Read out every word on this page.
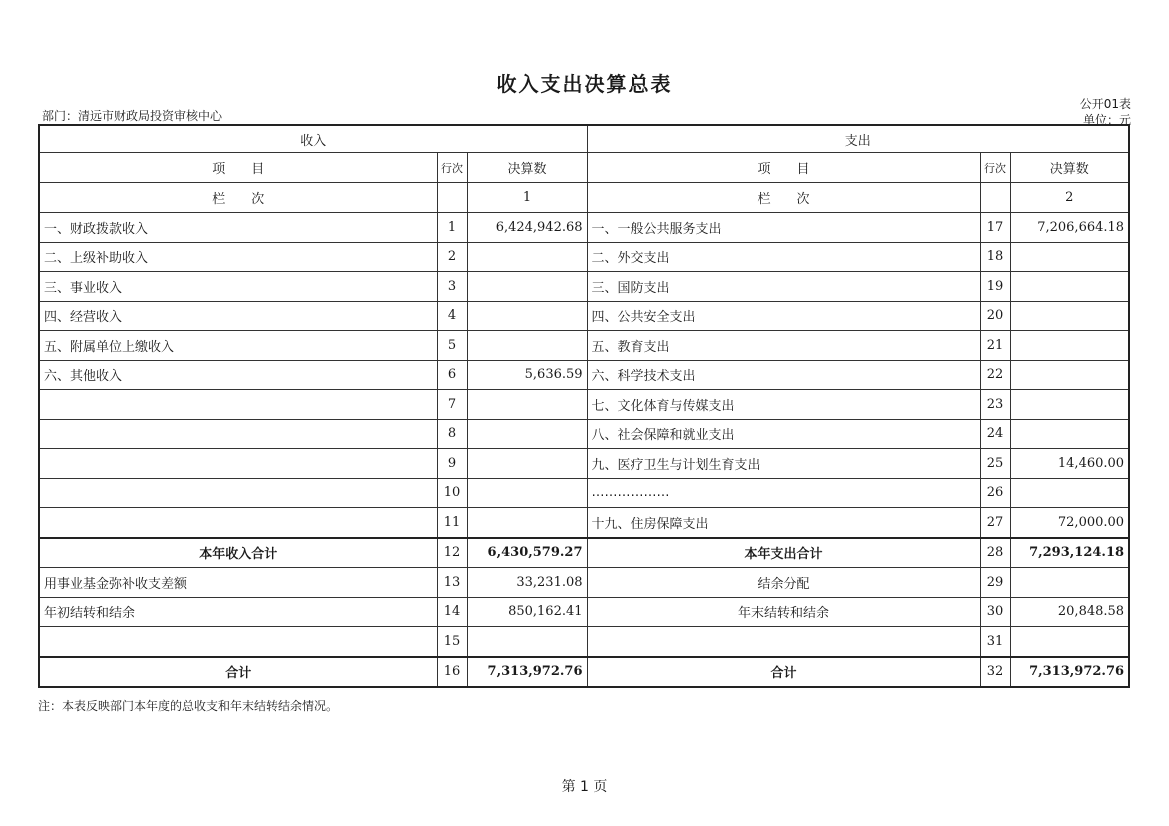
收入支出决算总表
部门：清远市财政局投资审核中心
公开01表
单位：元
收入			支出		
项　　目	行次	决算数	项　　目	行次	决算数
栏　　次		1	栏　　次		2
一、财政拨款收入	1	6,424,942.68	一、一般公共服务支出	17	7,206,664.18
二、上级补助收入	2		二、外交支出	18	
三、事业收入	3		三、国防支出	19	
四、经营收入	4		四、公共安全支出	20	
五、附属单位上缴收入	5		五、教育支出	21	
六、其他收入	6	5,636.59	六、科学技术支出	22	
	7		七、文化体育与传媒支出	23	
	8		八、社会保障和就业支出	24	
	9		九、医疗卫生与计划生育支出	25	14,460.00
	10		………………	26	
	11		十九、住房保障支出	27	72,000.00
本年收入合计	12	6,430,579.27	本年支出合计	28	7,293,124.18
用事业基金弥补收支差额	13	33,231.08	结余分配	29	
年初结转和结余	14	850,162.41	年末结转和结余	30	20,848.58
	15			31	
合计	16	7,313,972.76	合计	32	7,313,972.76
注：本表反映部门本年度的总收支和年末结转结余情况。
第 1 页
